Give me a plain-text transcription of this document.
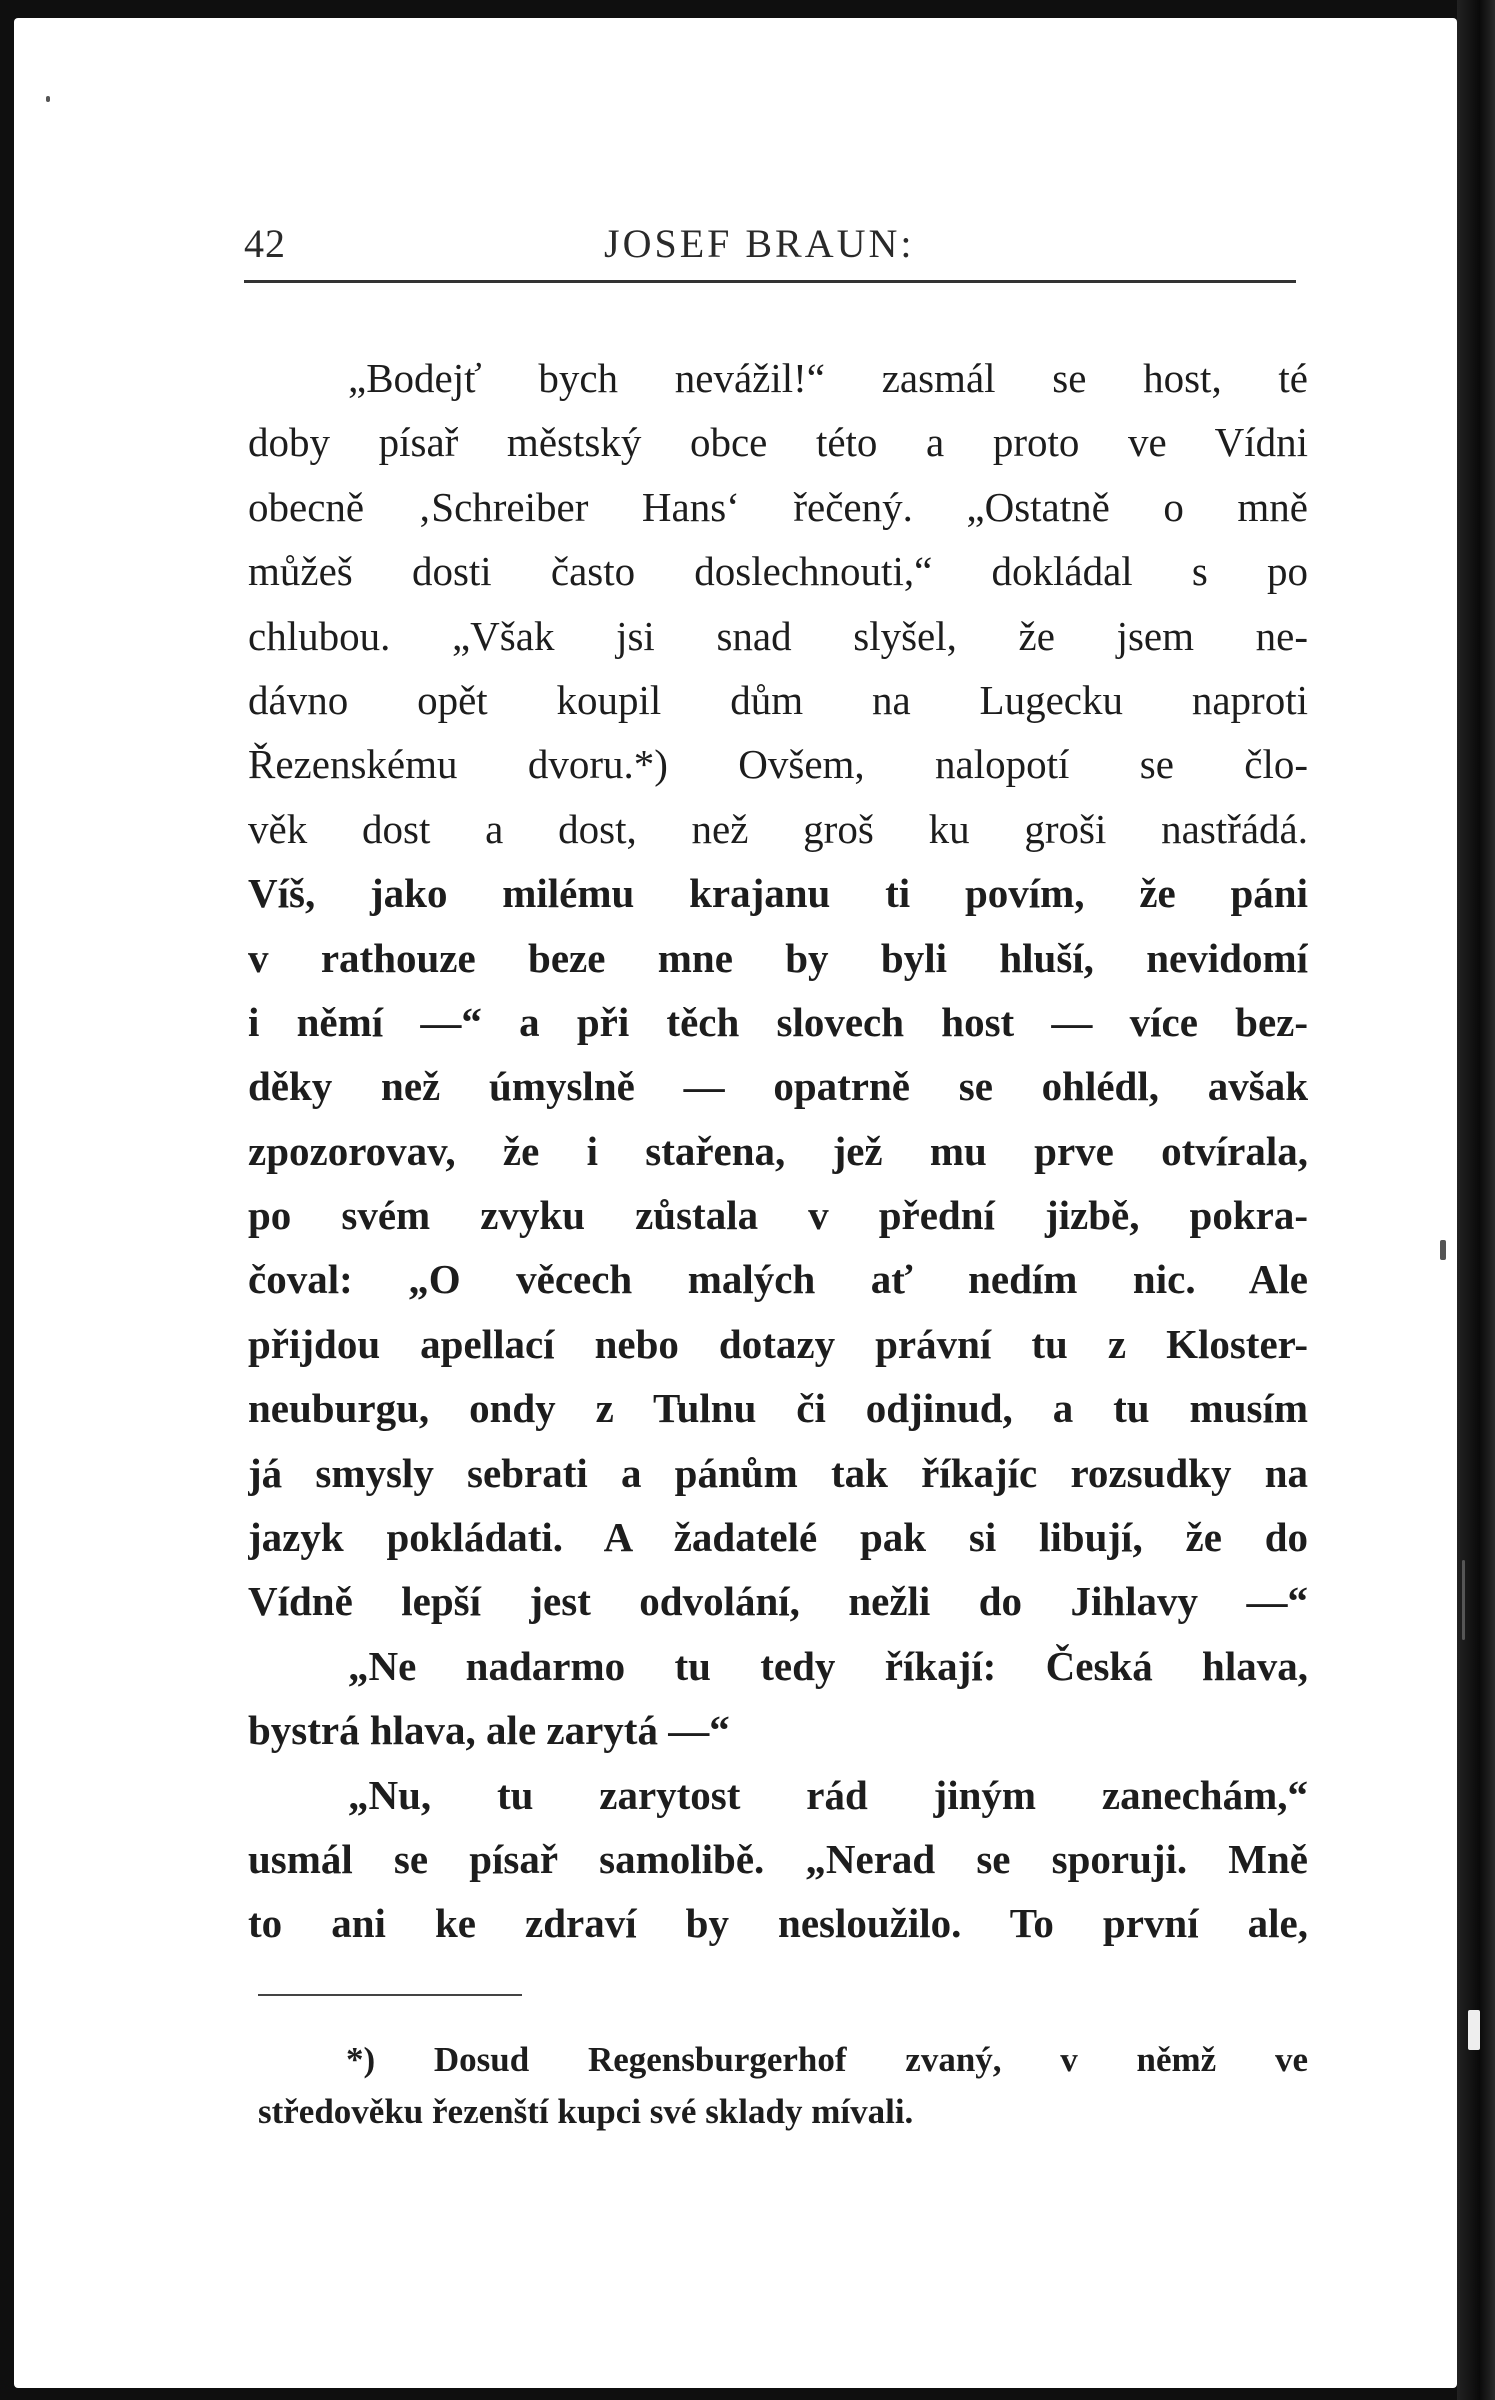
42	JOSEF BRAUN:
„Bodejť bych nevážil!“ zasmál se host, té
doby písař městský obce této a proto ve Vídni
obecně ‚Schreiber Hans‘ řečený. „Ostatně o mně
můžeš dosti často doslechnouti,“ dokládal s po
chlubou. „Však jsi snad slyšel, že jsem ne-
dávno opět koupil dům na Lugecku naproti
Řezenskému dvoru.*) Ovšem, nalopotí se člo-
věk dost a dost, než groš ku groši nastřádá.
Víš, jako milému krajanu ti povím, že páni
v rathouze beze mne by byli hluší, nevidomí
i němí —“ a při těch slovech host — více bez-
děky než úmyslně — opatrně se ohlédl, avšak
zpozorovav, že i stařena, jež mu prve otvírala,
po svém zvyku zůstala v přední jizbě, pokra-
čoval: „O věcech malých ať nedím nic. Ale
přijdou apellací nebo dotazy právní tu z Kloster-
neuburgu, ondy z Tulnu či odjinud, a tu musím
já smysly sebrati a pánům tak říkajíc rozsudky na
jazyk pokládati. A žadatelé pak si libují, že do
Vídně lepší jest odvolání, nežli do Jihlavy —“
„Ne nadarmo tu tedy říkají: Česká hlava,
bystrá hlava, ale zarytá —“
„Nu, tu zarytost rád jiným zanechám,“
usmál se písař samolibě. „Nerad se sporuji. Mně
to ani ke zdraví by nesloužilo. To první ale,
*) Dosud Regensburgerhof zvaný, v němž ve
středověku řezenští kupci své sklady mívali.
